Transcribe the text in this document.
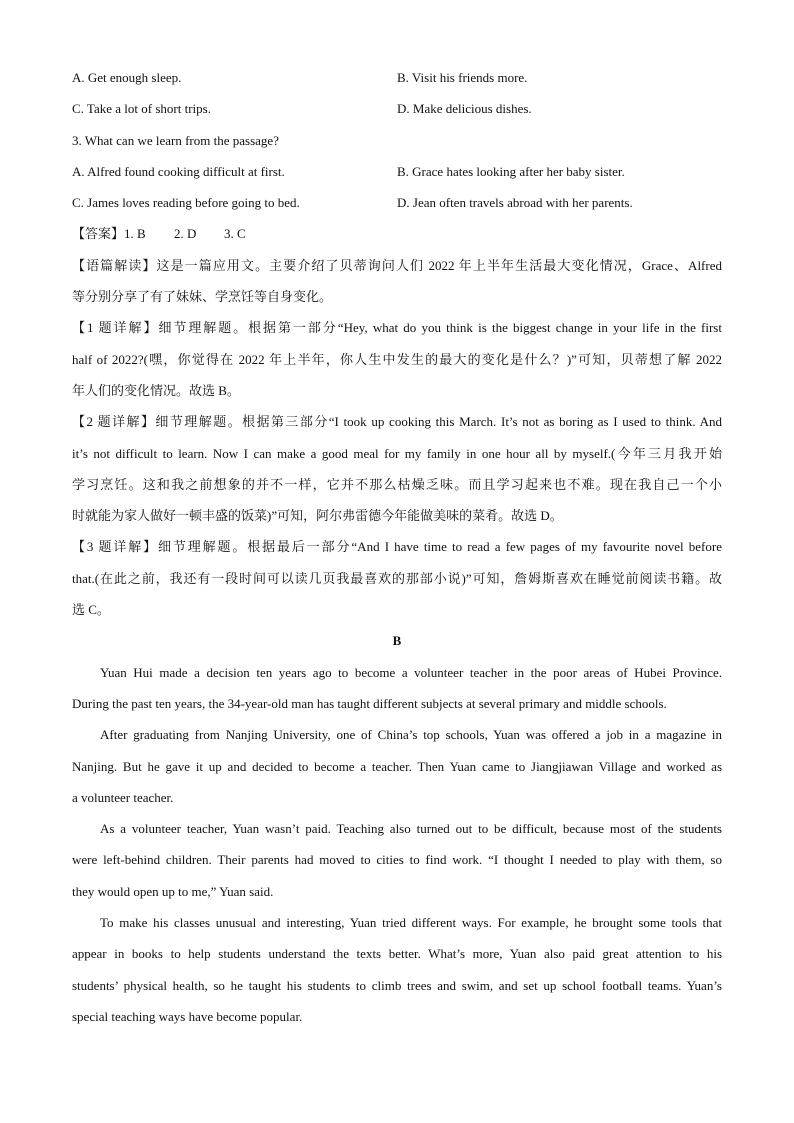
A. Get enough sleep.	B. Visit his friends more.
C. Take a lot of short trips.	D. Make delicious dishes.
3. What can we learn from the passage?
A. Alfred found cooking difficult at first.	B. Grace hates looking after her baby sister.
C. James loves reading before going to bed.	D. Jean often travels abroad with her parents.
【答案】1. B 2. D 3. C
【语篇解读】这是一篇应用文。主要介绍了贝蒂询问人们 2022 年上半年生活最大变化情况，Grace、Alfred
等分别分享了有了妹妹、学烹饪等自身变化。
【1 题详解】细节理解题。根据第一部分“Hey, what do you think is the biggest change in your life in the first
half of 2022?(嘿，你觉得在 2022 年上半年，你人生中发生的最大的变化是什么？)”可知，贝蒂想了解 2022
年人们的变化情况。故选 B。
【2 题详解】细节理解题。根据第三部分“I took up cooking this March. It’s not as boring as I used to think. And
it’s not difficult to learn. Now I can make a good meal for my family in one hour all by myself.(今年三月我开始
学习烹饪。这和我之前想象的并不一样，它并不那么枯燥乏味。而且学习起来也不难。现在我自己一个小
时就能为家人做好一顿丰盛的饭菜)”可知，阿尔弗雷德今年能做美味的菜肴。故选 D。
【3 题详解】细节理解题。根据最后一部分“And I have time to read a few pages of my favourite novel before
that.(在此之前，我还有一段时间可以读几页我最喜欢的那部小说)”可知，詹姆斯喜欢在睡觉前阅读书籍。故
选 C。
B
Yuan Hui made a decision ten years ago to become a volunteer teacher in the poor areas of Hubei Province.
During the past ten years, the 34-year-old man has taught different subjects at several primary and middle schools.
After graduating from Nanjing University, one of China’s top schools, Yuan was offered a job in a magazine in
Nanjing. But he gave it up and decided to become a teacher. Then Yuan came to Jiangjiawan Village and worked as
a volunteer teacher.
As a volunteer teacher, Yuan wasn’t paid. Teaching also turned out to be difficult, because most of the students
were left-behind children. Their parents had moved to cities to find work. “I thought I needed to play with them, so
they would open up to me,” Yuan said.
To make his classes unusual and interesting, Yuan tried different ways. For example, he brought some tools that
appear in books to help students understand the texts better. What’s more, Yuan also paid great attention to his
students’ physical health, so he taught his students to climb trees and swim, and set up school football teams. Yuan’s
special teaching ways have become popular.
